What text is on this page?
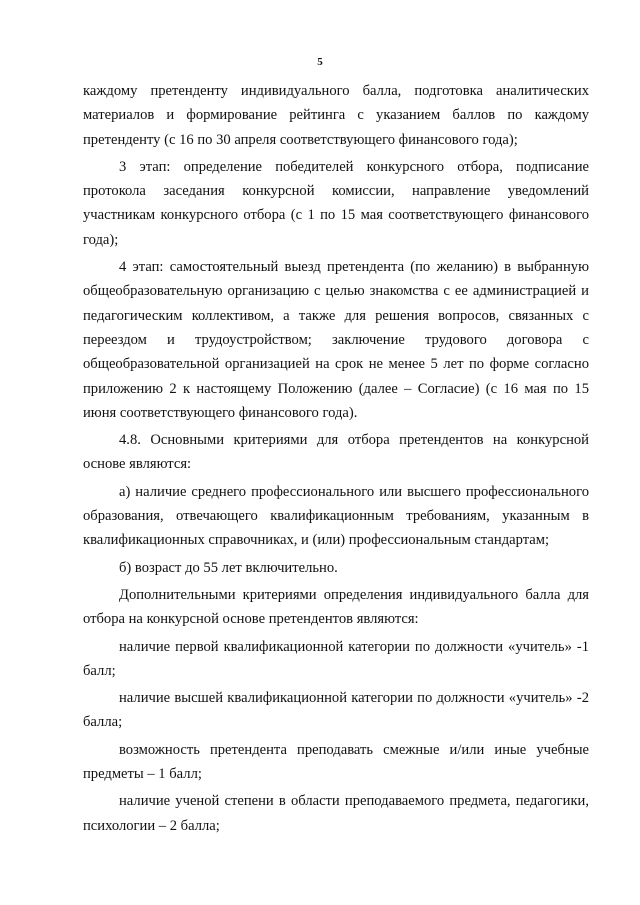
5

каждому претенденту индивидуального балла, подготовка аналитических материалов и формирование рейтинга с указанием баллов по каждому претенденту (с 16 по 30 апреля соответствующего финансового года);

3 этап: определение победителей конкурсного отбора, подписание протокола заседания конкурсной комиссии, направление уведомлений участникам конкурсного отбора (с 1 по 15 мая соответствующего финансового года);

4 этап: самостоятельный выезд претендента (по желанию) в выбранную общеобразовательную организацию с целью знакомства с ее администрацией и педагогическим коллективом, а также для решения вопросов, связанных с переездом и трудоустройством; заключение трудового договора с общеобразовательной организацией на срок не менее 5 лет по форме согласно приложению 2 к настоящему Положению (далее – Согласие) (с 16 мая по 15 июня соответствующего финансового года).

4.8. Основными критериями для отбора претендентов на конкурсной основе являются:

а) наличие среднего профессионального или высшего профессионального образования, отвечающего квалификационным требованиям, указанным в квалификационных справочниках, и (или) профессиональным стандартам;

б) возраст до 55 лет включительно.

Дополнительными критериями определения индивидуального балла для отбора на конкурсной основе претендентов являются:

наличие первой квалификационной категории по должности «учитель» -1 балл;

наличие высшей квалификационной категории по должности «учитель» -2 балла;

возможность претендента преподавать смежные и/или иные учебные предметы – 1 балл;

наличие ученой степени в области преподаваемого предмета, педагогики, психологии – 2 балла;
